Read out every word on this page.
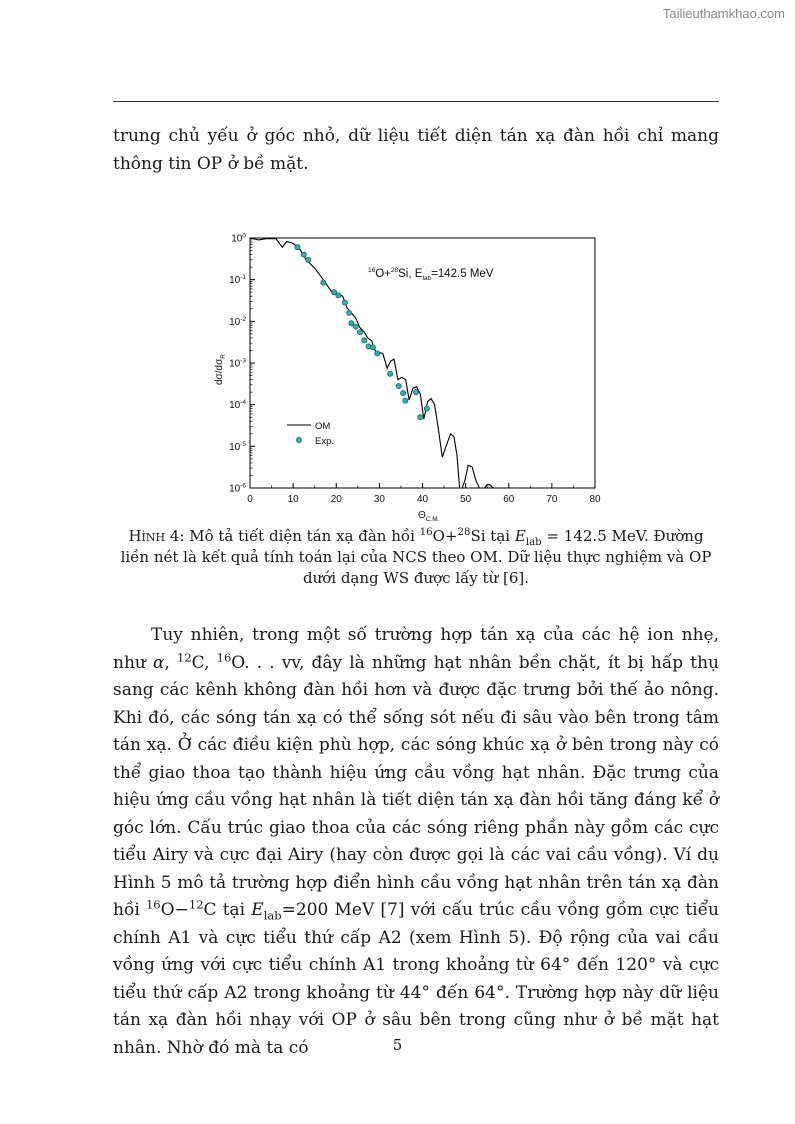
Tailieuthamkhao.com

trung chủ yếu ở góc nhỏ, dữ liệu tiết diện tán xạ đàn hồi chỉ mang thông tin OP ở bề mặt.

$10^0$
$10^{-1}$
$10^{-2}$
$10^{-3}$
$10^{-4}$
$10^{-5}$
$10^{-6}$
0	10	20	30	40	50	60	70	80
$d\sigma/d\sigma_R$
$\Theta_{C.M.}$
$^{16}$O+$^{28}$Si, $E_{lab}=142.5$ MeV
OM
Exp.

Hình 4: Mô tả tiết diện tán xạ đàn hồi $^{16}$O+$^{28}$Si tại $E_{lab} = 142.5$ MeV. Đường liền nét là kết quả tính toán lại của NCS theo OM. Dữ liệu thực nghiệm và OP dưới dạng WS được lấy từ [6].

Tuy nhiên, trong một số trường hợp tán xạ của các hệ ion nhẹ, như α, $^{12}$C, $^{16}$O. . . vv, đây là những hạt nhân bền chặt, ít bị hấp thụ sang các kênh không đàn hồi hơn và được đặc trưng bởi thế ảo nông. Khi đó, các sóng tán xạ có thể sống sót nếu đi sâu vào bên trong tâm tán xạ. Ở các điều kiện phù hợp, các sóng khúc xạ ở bên trong này có thể giao thoa tạo thành hiệu ứng cầu vồng hạt nhân. Đặc trưng của hiệu ứng cầu vồng hạt nhân là tiết diện tán xạ đàn hồi tăng đáng kể ở góc lớn. Cấu trúc giao thoa của các sóng riêng phần này gồm các cực tiểu Airy và cực đại Airy (hay còn được gọi là các vai cầu vồng). Ví dụ Hình 5 mô tả trường hợp điển hình cầu vồng hạt nhân trên tán xạ đàn hồi $^{16}$O−$^{12}$C tại $E_{lab}=200$ MeV [7] với cấu trúc cầu vồng gồm cực tiểu chính A1 và cực tiểu thứ cấp A2 (xem Hình 5). Độ rộng của vai cầu vồng ứng với cực tiểu chính A1 trong khoảng từ 64° đến 120° và cực tiểu thứ cấp A2 trong khoảng từ 44° đến 64°. Trường hợp này dữ liệu tán xạ đàn hồi nhạy với OP ở sâu bên trong cũng như ở bề mặt hạt nhân. Nhờ đó mà ta có	5
